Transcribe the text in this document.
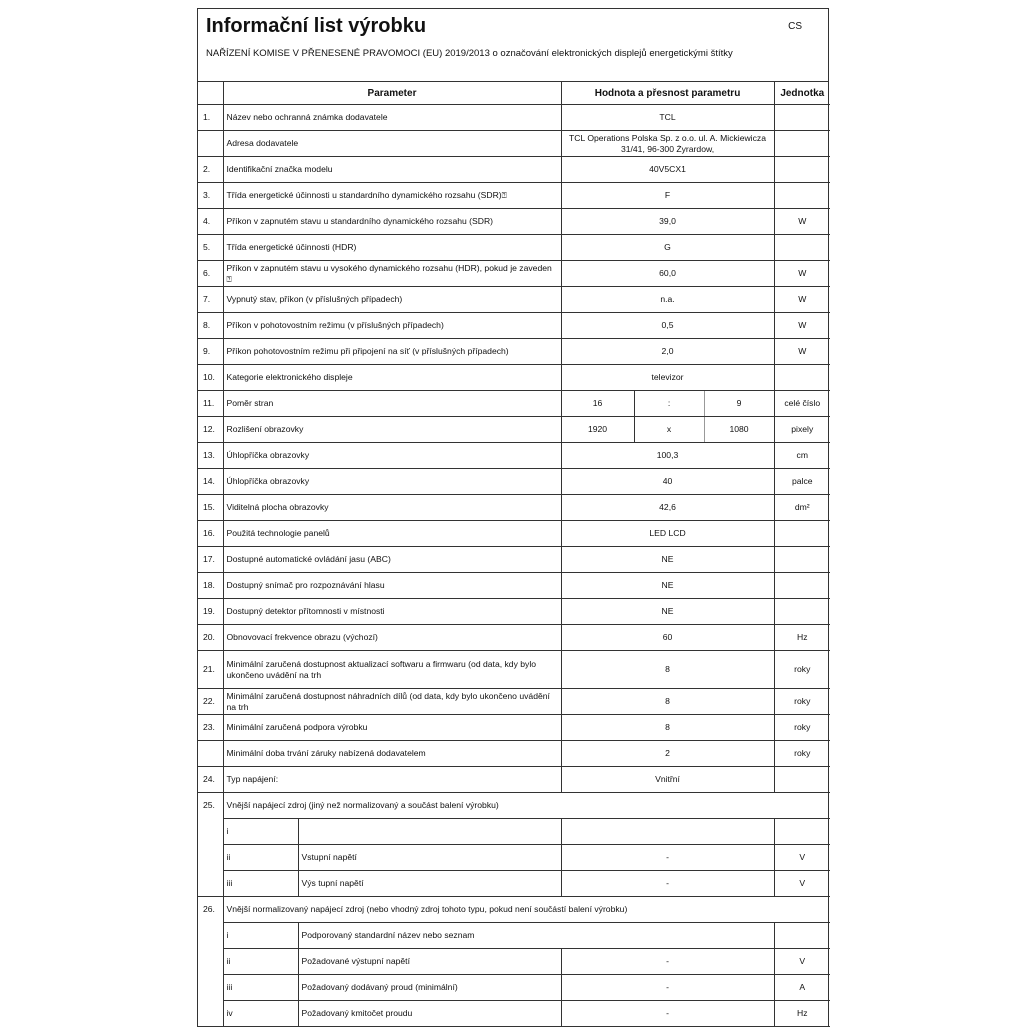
Informační list výrobku	CS
NAŘÍZENÍ KOMISE V PŘENESENÉ PRAVOMOCI (EU) 2019/2013 o označování elektronických displejů energetickými štítky
	Parameter		Hodnota a přesnost parametru			Jednotka
1.	Název nebo ochranná známka dodavatele		TCL			
	Adresa dodavatele		TCL Operations Polska Sp. z o.o. ul. A. Mickiewicza 31/41, 96-300 Żyrardow,			
2.	Identifikační značka modelu		40V5CX1			
3.	Třída energetické účinnosti u standardního dynamického rozsahu (SDR)⍰		F			
4.	Příkon v zapnutém stavu u standardního dynamického rozsahu (SDR)		39,0			W
5.	Třída energetické účinnosti (HDR)		G			
6.	Příkon v zapnutém stavu u vysokého dynamického rozsahu (HDR), pokud je zaveden ⍰		60,0			W
7.	Vypnutý stav, příkon (v příslušných případech)		n.a.			W
8.	Příkon v pohotovostním režimu (v příslušných případech)		0,5			W
9.	Příkon pohotovostním režimu při připojení na síť (v příslušných případech)		2,0			W
10.	Kategorie elektronického displeje		televizor			
11.	Poměr stran		16	:	9	celé číslo
12.	Rozlišení obrazovky		1920	x	1080	pixely
13.	Úhlopříčka obrazovky		100,3			cm
14.	Úhlopříčka obrazovky		40			palce
15.	Viditelná plocha obrazovky		42,6			dm²
16.	Použitá technologie panelů		LED LCD			
17.	Dostupné automatické ovládání jasu (ABC)		NE			
18.	Dostupný snímač pro rozpoznávání hlasu		NE			
19.	Dostupný detektor přítomnosti v místnosti		NE			
20.	Obnovovací frekvence obrazu (výchozí)		60			Hz
21.	Minimální zaručená dostupnost aktualizací softwaru a firmwaru (od data, kdy bylo ukončeno uvádění na trh		8			roky
22.	Minimální zaručená dostupnost náhradních dílů (od data, kdy bylo ukončeno uvádění na trh		8			roky
23.	Minimální zaručená podpora výrobku		8			roky
	Minimální doba trvání záruky nabízená dodavatelem		2			roky
24.	Typ napájení:		Vnitřní			
25.	Vnější napájecí zdroj (jiný než normalizovaný a součást balení výrobku)					
	i					
	ii	Vstupní napětí	-			V
	iii	Výs tupní napětí	-			V
26.	Vnější normalizovaný napájecí zdroj (nebo vhodný zdroj tohoto typu, pokud není součástí balení výrobku)					
	i	Podporovaný standardní název nebo seznam				
	ii	Požadované výstupní napětí	-			V
	iii	Požadovaný dodávaný proud (minimální)	-			A
	iv	Požadovaný kmitočet proudu	-			Hz
